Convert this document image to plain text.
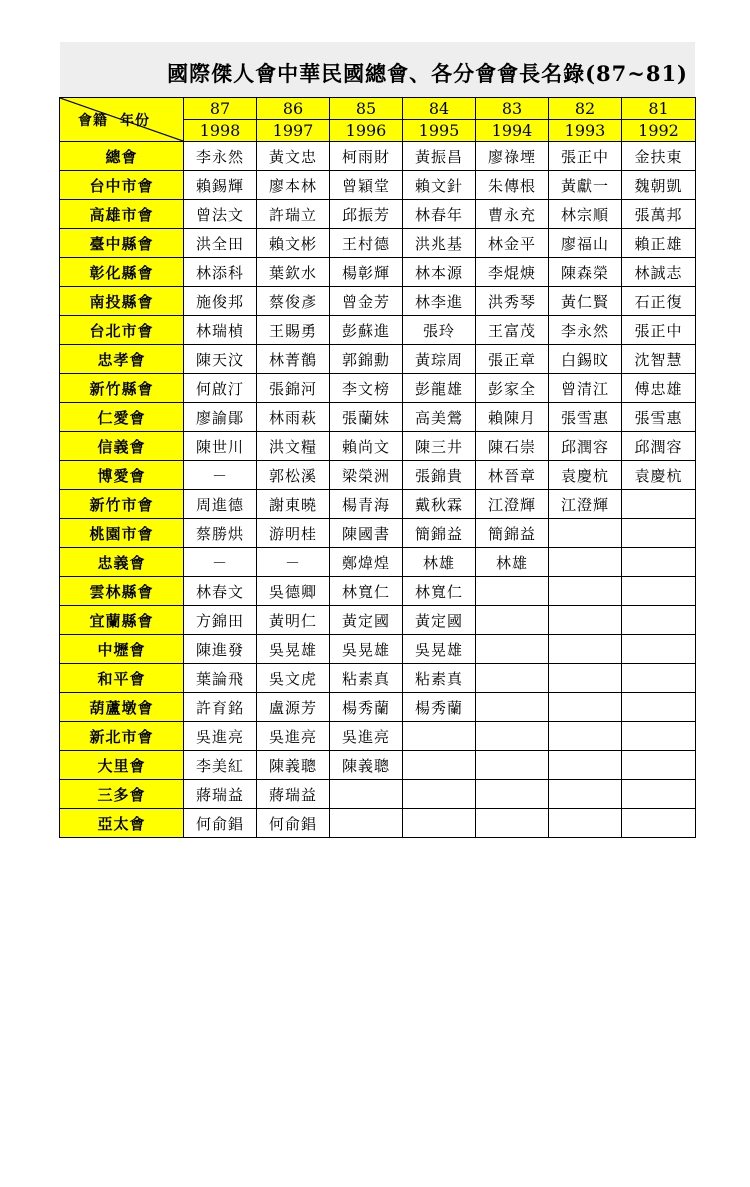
國際傑人會中華民國總會、各分會會長名錄(87~81)
會籍 年份	87	86	85	84	83	82	81
	1998	1997	1996	1995	1994	1993	1992
總會	李永然	黃文忠	柯雨財	黃振昌	廖祿堙	張正中	金扶東
台中市會	賴錫輝	廖本林	曾穎堂	賴文針	朱傳根	黃獻一	魏朝凱
高雄市會	曾法文	許瑞立	邱振芳	林春年	曹永充	林宗順	張萬邦
臺中縣會	洪全田	賴文彬	王村德	洪兆基	林金平	廖福山	賴正雄
彰化縣會	林添科	葉欽水	楊彰輝	林本源	李焜焿	陳森榮	林誠志
南投縣會	施俊邦	蔡俊彥	曾金芳	林李進	洪秀琴	黃仁賢	石正復
台北市會	林瑞楨	王賜勇	彭蘇進	張玲	王富茂	李永然	張正中
忠孝會	陳天汶	林菁鶺	郭錦勳	黃琮周	張正章	白錫旼	沈智慧
新竹縣會	何啟汀	張錦河	李文榜	彭龍雄	彭家全	曾清江	傅忠雄
仁愛會	廖諭鄖	林雨萩	張蘭妹	高美鶯	賴陳月	張雪惠	張雪惠
信義會	陳世川	洪文糧	賴尚文	陳三井	陳石崇	邱潤容	邱潤容
博愛會	－	郭松溪	梁榮洲	張錦貴	林晉章	袁慶杭	袁慶杭
新竹市會	周進德	謝東曉	楊青海	戴秋霖	江澄輝	江澄輝	
桃園市會	蔡勝烘	游明桂	陳國書	簡錦益	簡錦益		
忠義會	－	－	鄭煒煌	林雄	林雄		
雲林縣會	林春文	吳德卿	林寬仁	林寬仁			
宜蘭縣會	方錦田	黃明仁	黃定國	黃定國			
中壢會	陳進發	吳晃雄	吳晃雄	吳晃雄			
和平會	葉論飛	吳文虎	粘素真	粘素真			
葫蘆墩會	許育銘	盧源芳	楊秀蘭	楊秀蘭			
新北市會	吳進亮	吳進亮	吳進亮				
大里會	李美紅	陳義聰	陳義聰				
三多會	蔣瑞益	蔣瑞益					
亞太會	何俞錩	何俞錩					
